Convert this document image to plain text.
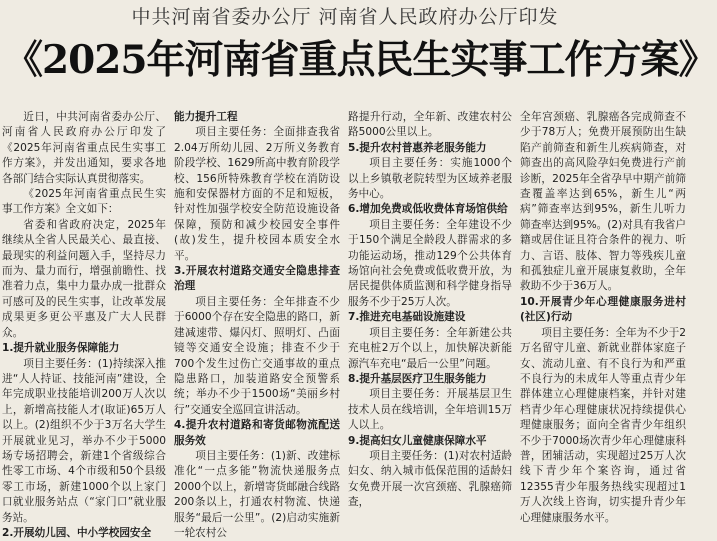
中共河南省委办公厅 河南省人民政府办公厅印发
《2025年河南省重点民生实事工作方案》

近日，中共河南省委办公厅、河南省人民政府办公厅印发了《2025年河南省重点民生实事工作方案》，并发出通知，要求各地各部门结合实际认真贯彻落实。

《2025年河南省重点民生实事工作方案》全文如下：

省委和省政府决定，2025年继续从全省人民最关心、最直接、最现实的利益问题入手，坚持尽力而为、量力而行，增强前瞻性、找准着力点，集中力量办成一批群众可感可及的民生实事，让改革发展成果更多更公平惠及广大人民群众。

1.提升就业服务保障能力

项目主要任务：(1)持续深入推进“人人持证、技能河南”建设，全年完成职业技能培训200万人次以上，新增高技能人才(取证)65万人以上。(2)组织不少于3万名大学生开展就业见习，举办不少于5000场专场招聘会，新建1个省级综合性零工市场、4个市级和50个县级零工市场，新建1000个以上家门口就业服务站点（“家门口”就业服务站。

2.开展幼儿园、中小学校园安全
能力提升工程

项目主要任务：全面排查我省2.04万所幼儿园、2万所义务教育阶段学校、1629所高中教育阶段学校、156所特殊教育学校在消防设施和安保器材方面的不足和短板，针对性加强学校安全防范设施设备保障，预防和减少校园安全事件(故)发生，提升校园本质安全水平。

3.开展农村道路交通安全隐患排查治理

项目主要任务：全年排查不少于6000个存在安全隐患的路口，新建减速带、爆闪灯、照明灯、凸面镜等交通安全设施；排查不少于700个发生过伤亡交通事故的重点隐患路口，加装道路安全预警系统；举办不少于1500场“美丽乡村行”交通安全巡回宣讲活动。

4.提升农村道路和寄货邮物流配送服务效

项目主要任务：(1)新、改建标准化“一点多能”物流快递服务点2000个以上，新增寄货邮融合线路200条以上，打通农村物流、快递服务“最后一公里”。(2)启动实施新一轮农村公

路提升行动，全年新、改建农村公路5000公里以上。

5.提升农村普惠养老服务能力

项目主要任务：实施1000个以上乡镇敬老院转型为区域养老服务中心。

6.增加免费或低收费体育场馆供给

项目主要任务：全年建设不少于150个满足全龄段人群需求的多功能运动场，推动129个公共体育场馆向社会免费或低收费开放，为居民提供体质监测和科学健身指导服务不少于25万人次。

7.推进充电基础设施建设

项目主要任务：全年新建公共充电桩2万个以上，加快解决新能源汽车充电“最后一公里”问题。

8.提升基层医疗卫生服务能力

项目主要任务：开展基层卫生技术人员在线培训，全年培训15万人以上。

9.提高妇女儿童健康保障水平

项目主要任务：(1)对农村适龄妇女、纳入城市低保范围的适龄妇女免费开展一次宫颈癌、乳腺癌筛查，

全年宫颈癌、乳腺癌各完成筛查不少于78万人；免费开展预防出生缺陷产前筛查和新生儿疾病筛查，对筛查出的高风险孕妇免费进行产前诊断，2025年全省孕早中期产前筛查覆盖率达到65%，新生儿“两病”筛查率达到95%，新生儿听力筛查率达到95%。(2)对具有我省户籍或居住证且符合条件的视力、听力、言语、肢体、智力等残疾儿童和孤独症儿童开展康复救助，全年救助不少于36万人。

10.开展青少年心理健康服务进村(社区)行动

项目主要任务：全年为不少于2万名留守儿童、新就业群体家庭子女、流动儿童、有不良行为和严重不良行为的未成年人等重点青少年群体建立心理健康档案，并针对建档青少年心理健康状况持续提供心理健康服务；面向全省青少年组织不少于7000场次青少年心理健康科普，团辅活动，实现超过25万人次线下青少年个案咨询，通过省12355青少年服务热线实现超过1万人次线上咨询，切实提升青少年心理健康服务水平。
